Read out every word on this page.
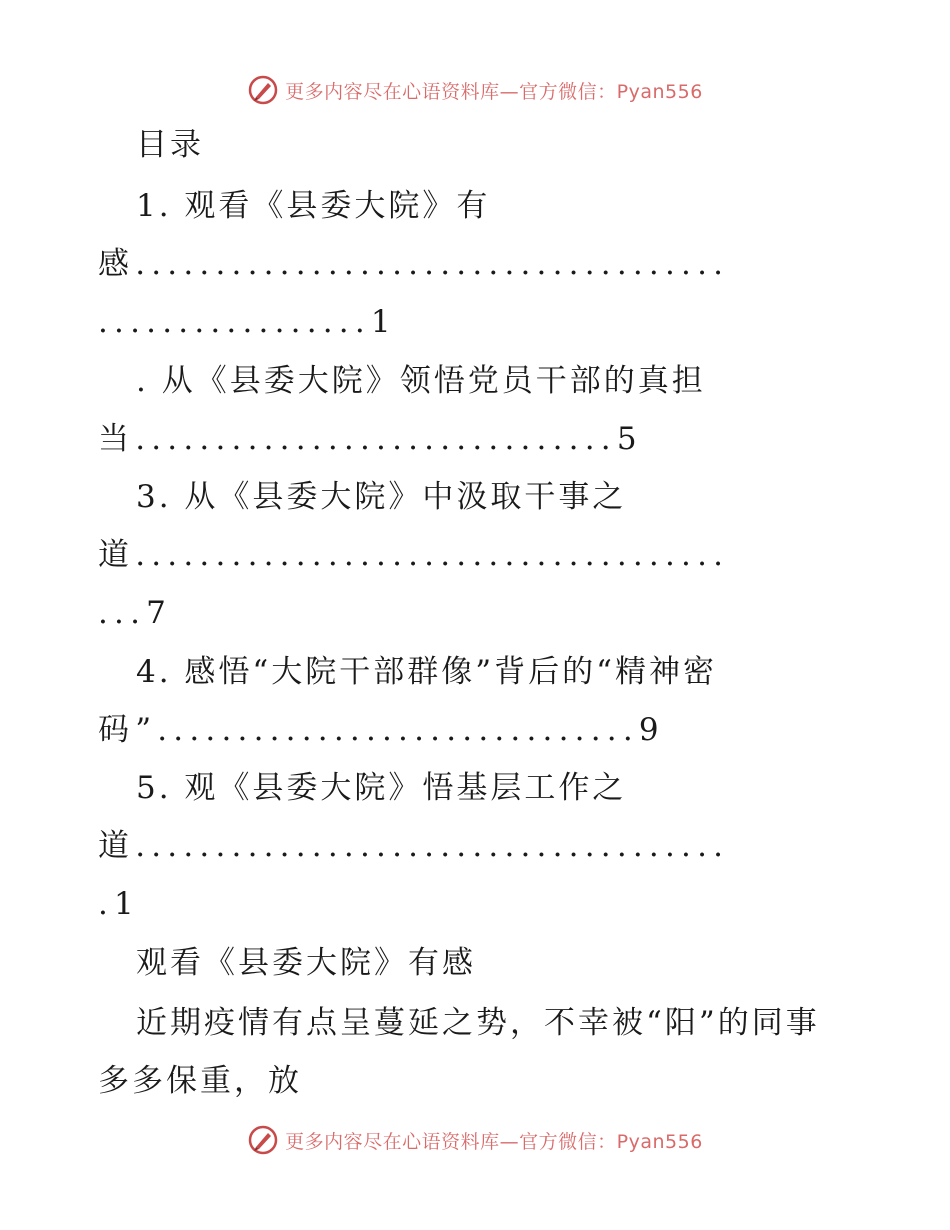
更多内容尽在心语资料库—官方微信：Pyan556
目录
1. 观看《县委大院》有
感.....................................
.................1
. 从《县委大院》领悟党员干部的真担
当..............................5
3. 从《县委大院》中汲取干事之
道.....................................
...7
4. 感悟“大院干部群像”背后的“精神密
码”..............................9
5. 观《县委大院》悟基层工作之
道.....................................
.1
观看《县委大院》有感
近期疫情有点呈蔓延之势，不幸被“阳”的同事
多多保重，放
更多内容尽在心语资料库—官方微信：Pyan556
